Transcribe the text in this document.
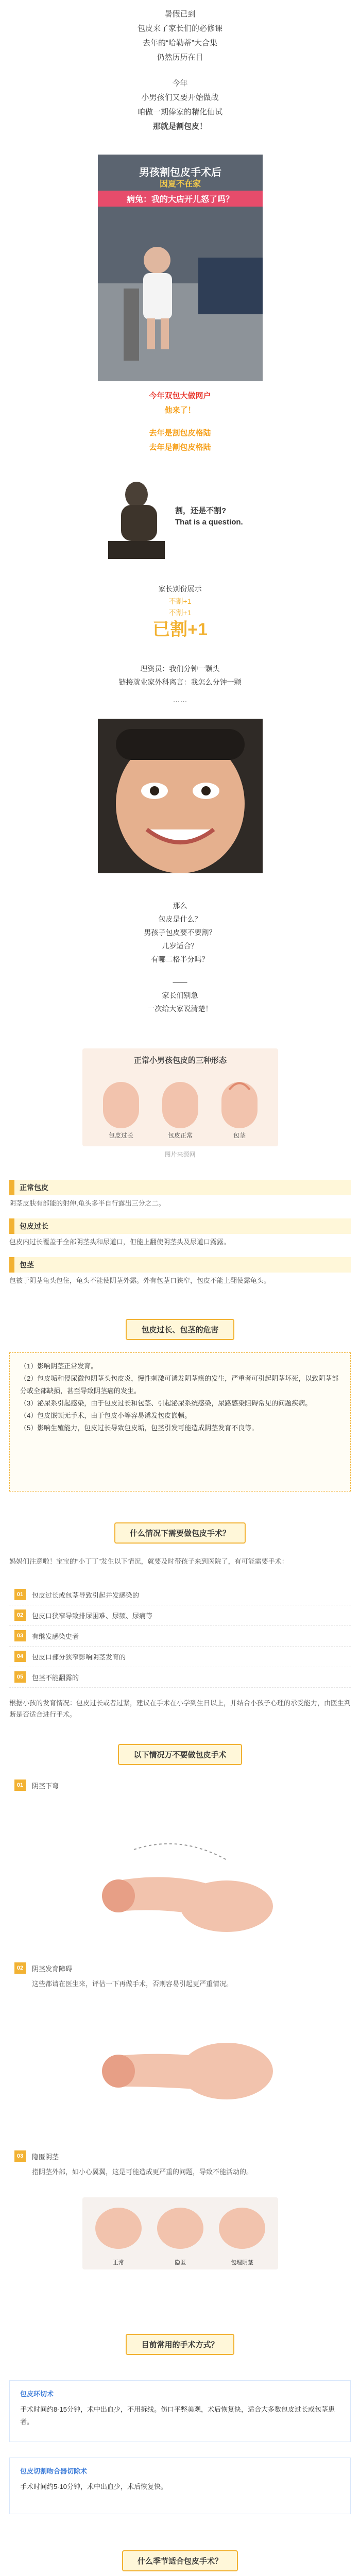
暑假已到

包皮来了家长们的必修课

去年的“哈勒蒂”大合集

仍然历历在目

今年

小男孩们又要开始做战

咱做一期俸家的精化仙试

那就是割包皮！

男孩割包皮手术后
因夏不在家
病兔：我的大店开儿怒了吗？
今年双包大做网户
他来了！
去年是割包皮格陆
去年是割包皮格陆
割，还是不割?
That is a question.
家长别份展示
不割+1
不割+1
已割+1
理资员：我们分钟一颗头
链接就业家外科离言：我怎么分钟一颗
……
那么
包皮是什么？
男孩子包皮要不要割？
几岁适合？
有哪二格半分吗？
——
家长们别急
一次给大家说清楚！
正常小男孩包皮的三种形态
包皮过长	包皮正常	包茎
图片来源网
正常包皮
阴茎皮肤有部能的射伸,龟头多半自行露出三分之二。
包皮过长
包皮内过长覆盖于全部阴茎头和尿道口，但能上翻使阴茎头及尿道口露露。
包茎
包被于阴茎龟头包住，龟头不能使阴茎外露。外有包茎口狭窄，包皮不能上翻使露龟头。
包皮过长、包茎的危害
（1）影响阴茎正常发育。
（2）包皮垢和侵尿微包阴茎头包皮炎，慢性刺激可诱发阴茎癌的发生，严重者可引起阴茎坏死，以致阴茎部分或全部缺损，甚至导致阴茎癌的发生。
（3）泌尿系引起感染，由于包皮过长和包茎、引起泌尿系统感染，尿路感染阻碍常见的问题疾病。
（4）包皮嵌顿无手术，由于包皮小等容易诱发包皮嵌顿。
（5）影响生殖能力，包皮过长导致包皮垢，包茎引发可能造成阴茎发育不良等。
什么情况下需要做包皮手术？
妈妈们注意啦！宝宝的“小丁丁”发生以下情况，就要及时带孩子来到医院了，有可能需要手术：
01	包皮过长或包茎导致引起并发感染的
02	包皮口狭窄导致排尿困难、尿频、尿痛等
03	有继发感染史者
04	包皮口部分狭窄影响阴茎发育的
05	包茎不能翻露的
根据小孩的发育情况：包皮过长或者过紧，建议在手术在小学到生日以上，并结合小孩子心理的承受能力，由医生判断是否适合进行手术。
以下情况万不要做包皮手术
01	阴茎下弯
02	阴茎发育障碍
这些都请在医生来，评估一下再做手术，否则容易引起更严重情况。
03	隐匿阴茎
指阴茎外部，如小心翼翼，这是可能造成更严重的问题，导致不能活动的。
正常	隐匿	包埋阴茎
目前常用的手术方式？
包皮环切术
手术时间约8-15分钟，术中出血少，不用拆线。伤口平整美观，术后恢复快，适合大多数包皮过长或包茎患者。
包皮切割吻合器切除术
手术时间约5-10分钟，术中出血少，术后恢复快。
什么季节适合包皮手术？
